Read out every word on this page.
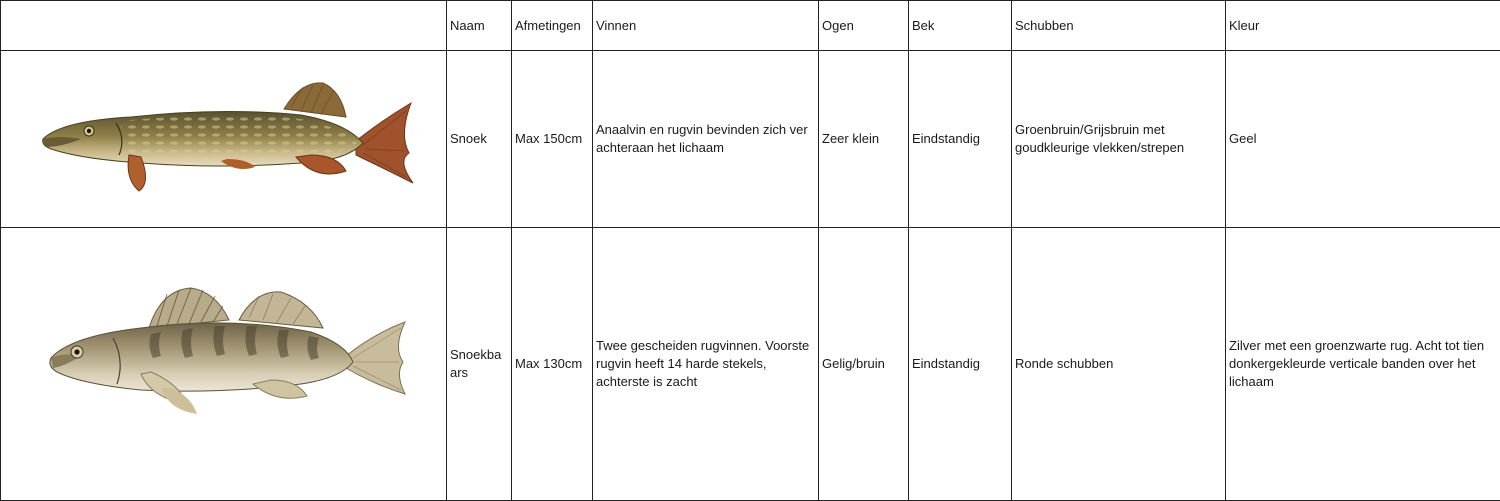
	Naam	Afmetingen	Vinnen	Ogen	Bek	Schubben	Kleur

	Snoek	Max 150cm	Anaalvin en rugvin bevinden zich ver achteraan het lichaam	Zeer klein	Eindstandig	Groenbruin/Grijsbruin met goudkleurige vlekken/strepen	Geel

	Snoekbaars	Max 130cm	Twee gescheiden rugvinnen. Voorste rugvin heeft 14 harde stekels, achterste is zacht	Gelig/bruin	Eindstandig	Ronde schubben	Zilver met een groenzwarte rug. Acht tot tien donkergekleurde verticale banden over het lichaam
